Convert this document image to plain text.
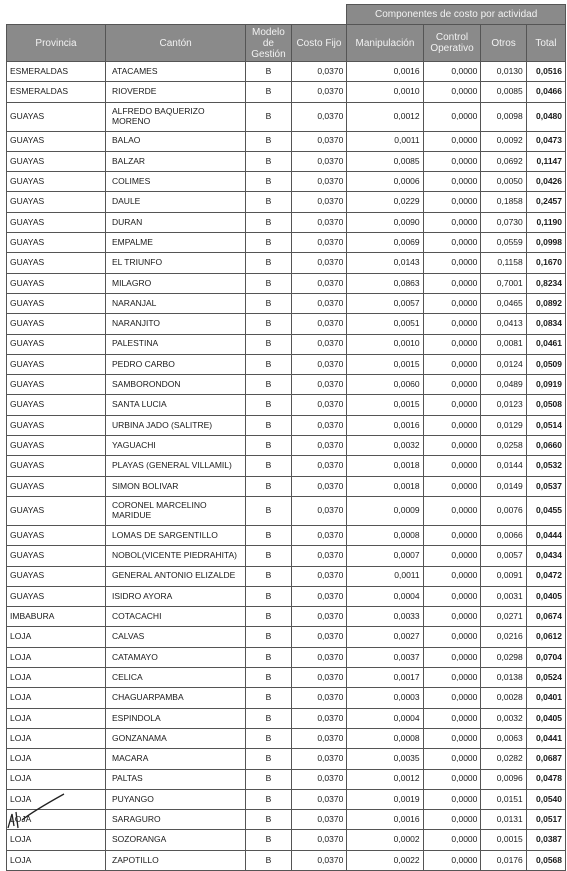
				Componentes de costo por actividad			
Provincia	Cantón	Modelo de Gestión	Costo Fijo	Manipulación	Control Operativo	Otros	Total
ESMERALDAS	ATACAMES	B	0,0370	0,0016	0,0000	0,0130	0,0516
ESMERALDAS	RIOVERDE	B	0,0370	0,0010	0,0000	0,0085	0,0466
GUAYAS	ALFREDO BAQUERIZO MORENO	B	0,0370	0,0012	0,0000	0,0098	0,0480
GUAYAS	BALAO	B	0,0370	0,0011	0,0000	0,0092	0,0473
GUAYAS	BALZAR	B	0,0370	0,0085	0,0000	0,0692	0,1147
GUAYAS	COLIMES	B	0,0370	0,0006	0,0000	0,0050	0,0426
GUAYAS	DAULE	B	0,0370	0,0229	0,0000	0,1858	0,2457
GUAYAS	DURAN	B	0,0370	0,0090	0,0000	0,0730	0,1190
GUAYAS	EMPALME	B	0,0370	0,0069	0,0000	0,0559	0,0998
GUAYAS	EL TRIUNFO	B	0,0370	0,0143	0,0000	0,1158	0,1670
GUAYAS	MILAGRO	B	0,0370	0,0863	0,0000	0,7001	0,8234
GUAYAS	NARANJAL	B	0,0370	0,0057	0,0000	0,0465	0,0892
GUAYAS	NARANJITO	B	0,0370	0,0051	0,0000	0,0413	0,0834
GUAYAS	PALESTINA	B	0,0370	0,0010	0,0000	0,0081	0,0461
GUAYAS	PEDRO CARBO	B	0,0370	0,0015	0,0000	0,0124	0,0509
GUAYAS	SAMBORONDON	B	0,0370	0,0060	0,0000	0,0489	0,0919
GUAYAS	SANTA LUCIA	B	0,0370	0,0015	0,0000	0,0123	0,0508
GUAYAS	URBINA JADO (SALITRE)	B	0,0370	0,0016	0,0000	0,0129	0,0514
GUAYAS	YAGUACHI	B	0,0370	0,0032	0,0000	0,0258	0,0660
GUAYAS	PLAYAS (GENERAL VILLAMIL)	B	0,0370	0,0018	0,0000	0,0144	0,0532
GUAYAS	SIMON BOLIVAR	B	0,0370	0,0018	0,0000	0,0149	0,0537
GUAYAS	CORONEL MARCELINO MARIDUE	B	0,0370	0,0009	0,0000	0,0076	0,0455
GUAYAS	LOMAS DE SARGENTILLO	B	0,0370	0,0008	0,0000	0,0066	0,0444
GUAYAS	NOBOL(VICENTE PIEDRAHITA)	B	0,0370	0,0007	0,0000	0,0057	0,0434
GUAYAS	GENERAL ANTONIO ELIZALDE	B	0,0370	0,0011	0,0000	0,0091	0,0472
GUAYAS	ISIDRO AYORA	B	0,0370	0,0004	0,0000	0,0031	0,0405
IMBABURA	COTACACHI	B	0,0370	0,0033	0,0000	0,0271	0,0674
LOJA	CALVAS	B	0,0370	0,0027	0,0000	0,0216	0,0612
LOJA	CATAMAYO	B	0,0370	0,0037	0,0000	0,0298	0,0704
LOJA	CELICA	B	0,0370	0,0017	0,0000	0,0138	0,0524
LOJA	CHAGUARPAMBA	B	0,0370	0,0003	0,0000	0,0028	0,0401
LOJA	ESPINDOLA	B	0,0370	0,0004	0,0000	0,0032	0,0405
LOJA	GONZANAMA	B	0,0370	0,0008	0,0000	0,0063	0,0441
LOJA	MACARA	B	0,0370	0,0035	0,0000	0,0282	0,0687
LOJA	PALTAS	B	0,0370	0,0012	0,0000	0,0096	0,0478
LOJA	PUYANGO	B	0,0370	0,0019	0,0000	0,0151	0,0540
LOJA	SARAGURO	B	0,0370	0,0016	0,0000	0,0131	0,0517
LOJA	SOZORANGA	B	0,0370	0,0002	0,0000	0,0015	0,0387
LOJA	ZAPOTILLO	B	0,0370	0,0022	0,0000	0,0176	0,0568
